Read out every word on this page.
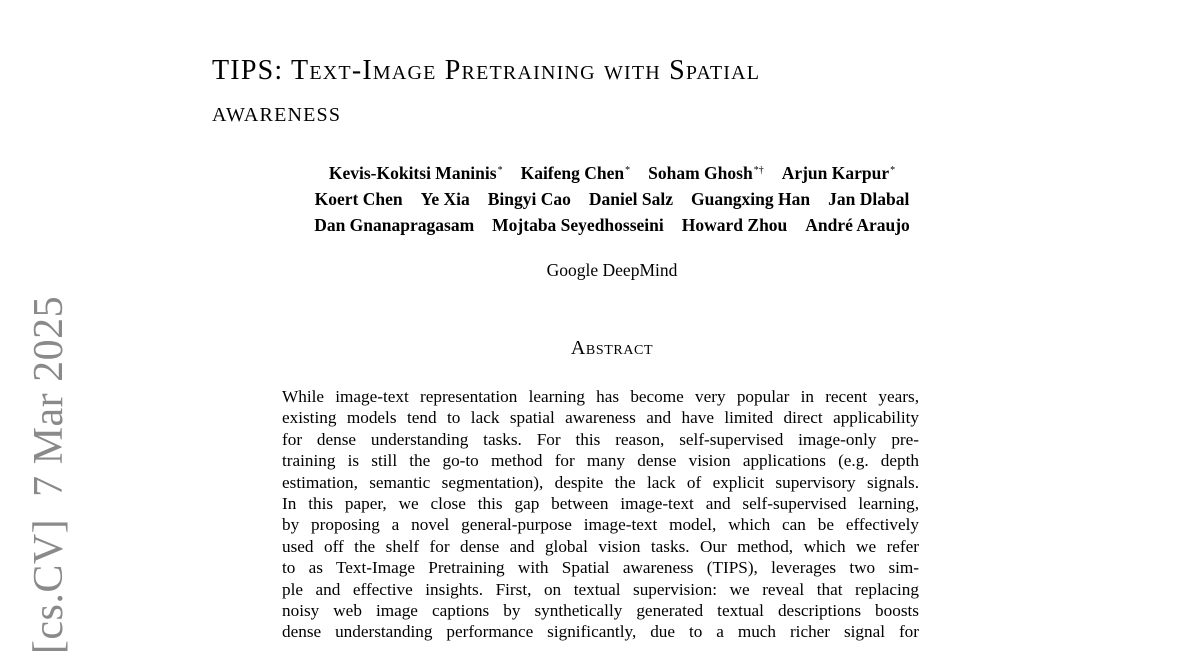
[cs.CV]7 Mar 2025
TIPS: Text-Image Pretraining with Spatial
awareness
Kevis-Kokitsi Maninis* Kaifeng Chen* Soham Ghosh*† Arjun Karpur*
Koert Chen Ye Xia Bingyi Cao Daniel Salz Guangxing Han Jan Dlabal
Dan Gnanapragasam Mojtaba Seyedhosseini Howard Zhou André Araujo
Google DeepMind
Abstract
While image-text representation learning has become very popular in recent years,
existing models tend to lack spatial awareness and have limited direct applicability
for dense understanding tasks. For this reason, self-supervised image-only pre-
training is still the go-to method for many dense vision applications (e.g. depth
estimation, semantic segmentation), despite the lack of explicit supervisory signals.
In this paper, we close this gap between image-text and self-supervised learning,
by proposing a novel general-purpose image-text model, which can be effectively
used off the shelf for dense and global vision tasks. Our method, which we refer
to as Text-Image Pretraining with Spatial awareness (TIPS), leverages two sim-
ple and effective insights. First, on textual supervision: we reveal that replacing
noisy web image captions by synthetically generated textual descriptions boosts
dense understanding performance significantly, due to a much richer signal for
